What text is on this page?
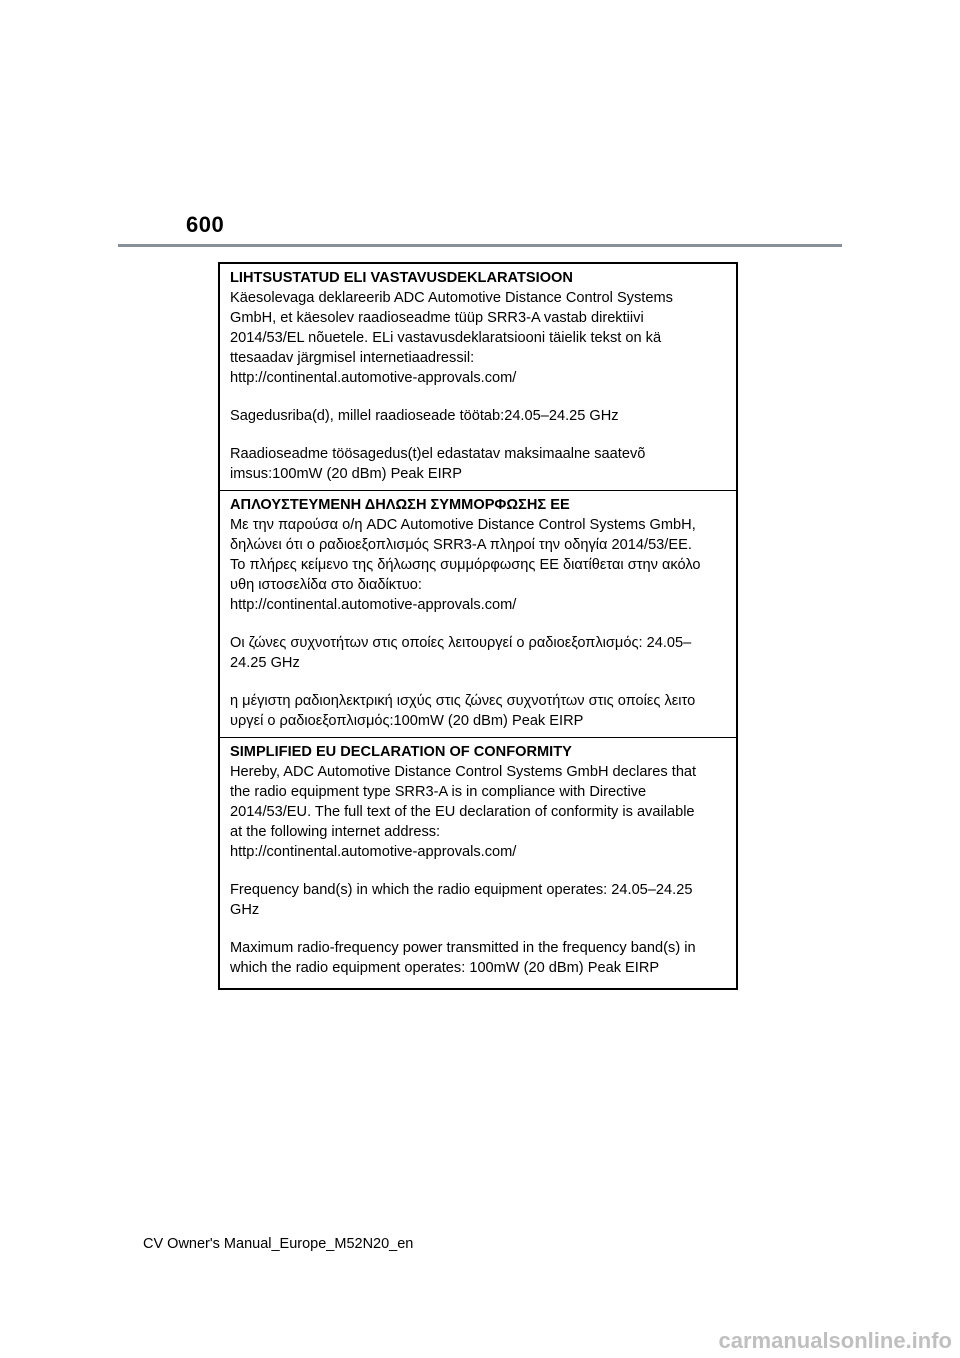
600
LIHTSUSTATUD ELI VASTAVUSDEKLARATSIOON
Käesolevaga deklareerib ADC Automotive Distance Control Systems
GmbH, et käesolev raadioseadme tüüp SRR3-A vastab direktiivi
2014/53/EL nõuetele. ELi vastavusdeklaratsiooni täielik tekst on kä
ttesaadav järgmisel internetiaadressil:
http://continental.automotive-approvals.com/
Sagedusriba(d), millel raadioseade töötab:24.05–24.25 GHz
Raadioseadme töösagedus(t)el edastatav maksimaalne saatevõ
imsus:100mW (20 dBm) Peak EIRP
ΑΠΛΟΥΣΤΕΥΜΕΝΗ ΔΗΛΩΣΗ ΣΥΜΜΟΡΦΩΣΗΣ ΕΕ
Με την παρούσα ο/η ADC Automotive Distance Control Systems GmbH,
δηλώνει ότι ο ραδιοεξοπλισμός SRR3-A πληροί την οδηγία 2014/53/ΕΕ.
Το πλήρες κείμενο της δήλωσης συμμόρφωσης ΕΕ διατίθεται στην ακόλο
υθη ιστοσελίδα στο διαδίκτυο:
http://continental.automotive-approvals.com/
Οι ζώνες συχνοτήτων στις οποίες λειτουργεί ο ραδιοεξοπλισμός: 24.05–
24.25 GHz
η μέγιστη ραδιοηλεκτρική ισχύς στις ζώνες συχνοτήτων στις οποίες λειτο
υργεί ο ραδιοεξοπλισμός:100mW (20 dBm) Peak EIRP
SIMPLIFIED EU DECLARATION OF CONFORMITY
Hereby, ADC Automotive Distance Control Systems GmbH declares that
the radio equipment type SRR3-A is in compliance with Directive
2014/53/EU. The full text of the EU declaration of conformity is available
at the following internet address:
http://continental.automotive-approvals.com/
Frequency band(s) in which the radio equipment operates: 24.05–24.25
GHz
Maximum radio-frequency power transmitted in the frequency band(s) in
which the radio equipment operates: 100mW (20 dBm) Peak EIRP
CV Owner's Manual_Europe_M52N20_en
carmanualsonline.info
